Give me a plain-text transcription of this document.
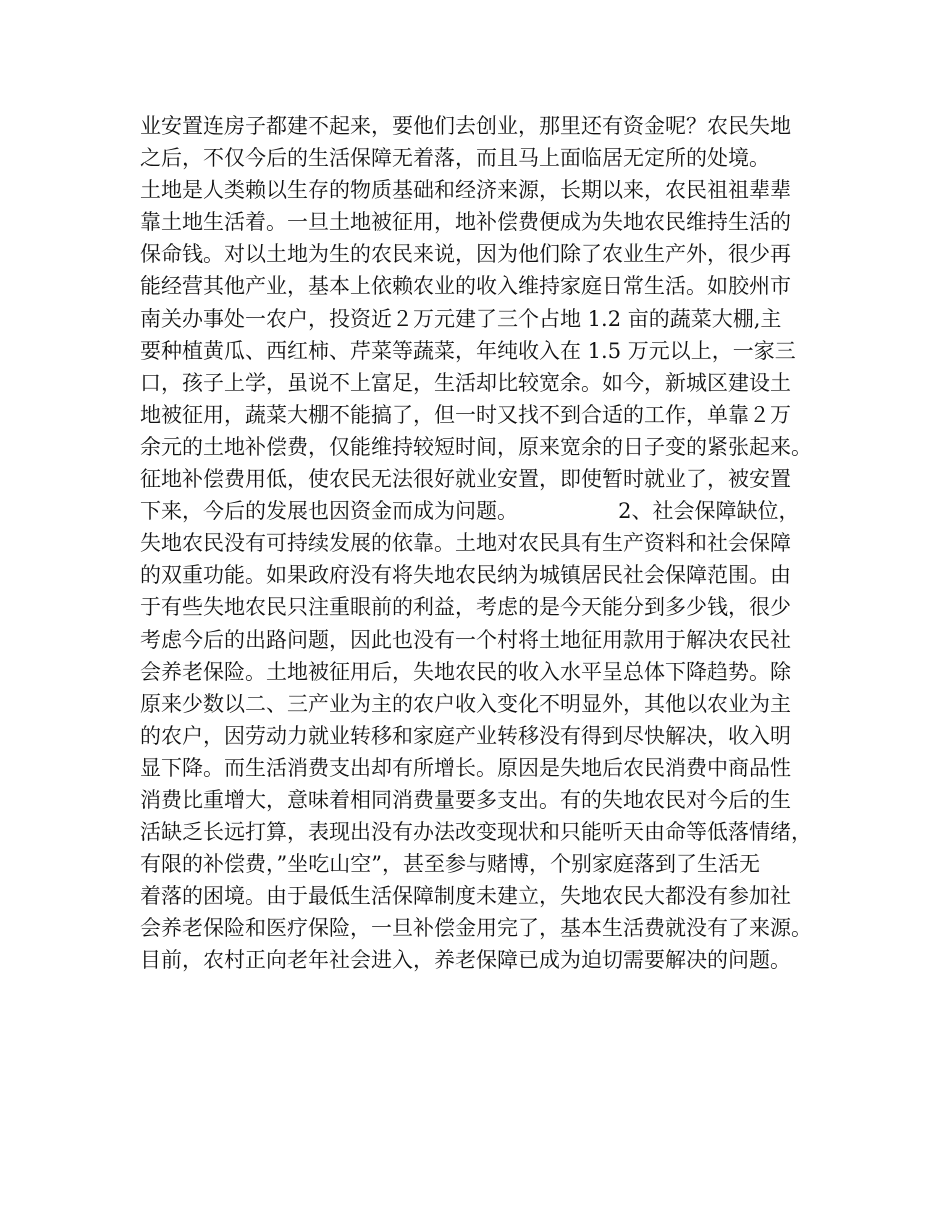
业安置连房子都建不起来，要他们去创业，那里还有资金呢？农民失地
之后，不仅今后的生活保障无着落，而且马上面临居无定所的处境。
土地是人类赖以生存的物质基础和经济来源，长期以来，农民祖祖辈辈
靠土地生活着。一旦土地被征用，地补偿费便成为失地农民维持生活的
保命钱。对以土地为生的农民来说，因为他们除了农业生产外，很少再
能经营其他产业，基本上依赖农业的收入维持家庭日常生活。如胶州市
南关办事处一农户，投资近２万元建了三个占地 1.2 亩的蔬菜大棚,主
要种植黄瓜、西红柿、芹菜等蔬菜，年纯收入在 1.5 万元以上，一家三
口，孩子上学，虽说不上富足，生活却比较宽余。如今，新城区建设土
地被征用，蔬菜大棚不能搞了，但一时又找不到合适的工作，单靠２万
余元的土地补偿费，仅能维持较短时间，原来宽余的日子变的紧张起来。
征地补偿费用低，使农民无法很好就业安置，即使暂时就业了，被安置
下来，今后的发展也因资金而成为问题。               2、社会保障缺位，
失地农民没有可持续发展的依靠。土地对农民具有生产资料和社会保障
的双重功能。如果政府没有将失地农民纳为城镇居民社会保障范围。由
于有些失地农民只注重眼前的利益，考虑的是今天能分到多少钱，很少
考虑今后的出路问题，因此也没有一个村将土地征用款用于解决农民社
会养老保险。土地被征用后，失地农民的收入水平呈总体下降趋势。除
原来少数以二、三产业为主的农户收入变化不明显外，其他以农业为主
的农户，因劳动力就业转移和家庭产业转移没有得到尽快解决，收入明
显下降。而生活消费支出却有所增长。原因是失地后农民消费中商品性
消费比重增大，意味着相同消费量要多支出。有的失地农民对今后的生
活缺乏长远打算，表现出没有办法改变现状和只能听天由命等低落情绪，
有限的补偿费，”坐吃山空”，甚至参与赌博，个别家庭落到了生活无
着落的困境。由于最低生活保障制度未建立，失地农民大都没有参加社
会养老保险和医疗保险，一旦补偿金用完了，基本生活费就没有了来源。
目前，农村正向老年社会进入，养老保障已成为迫切需要解决的问题。
